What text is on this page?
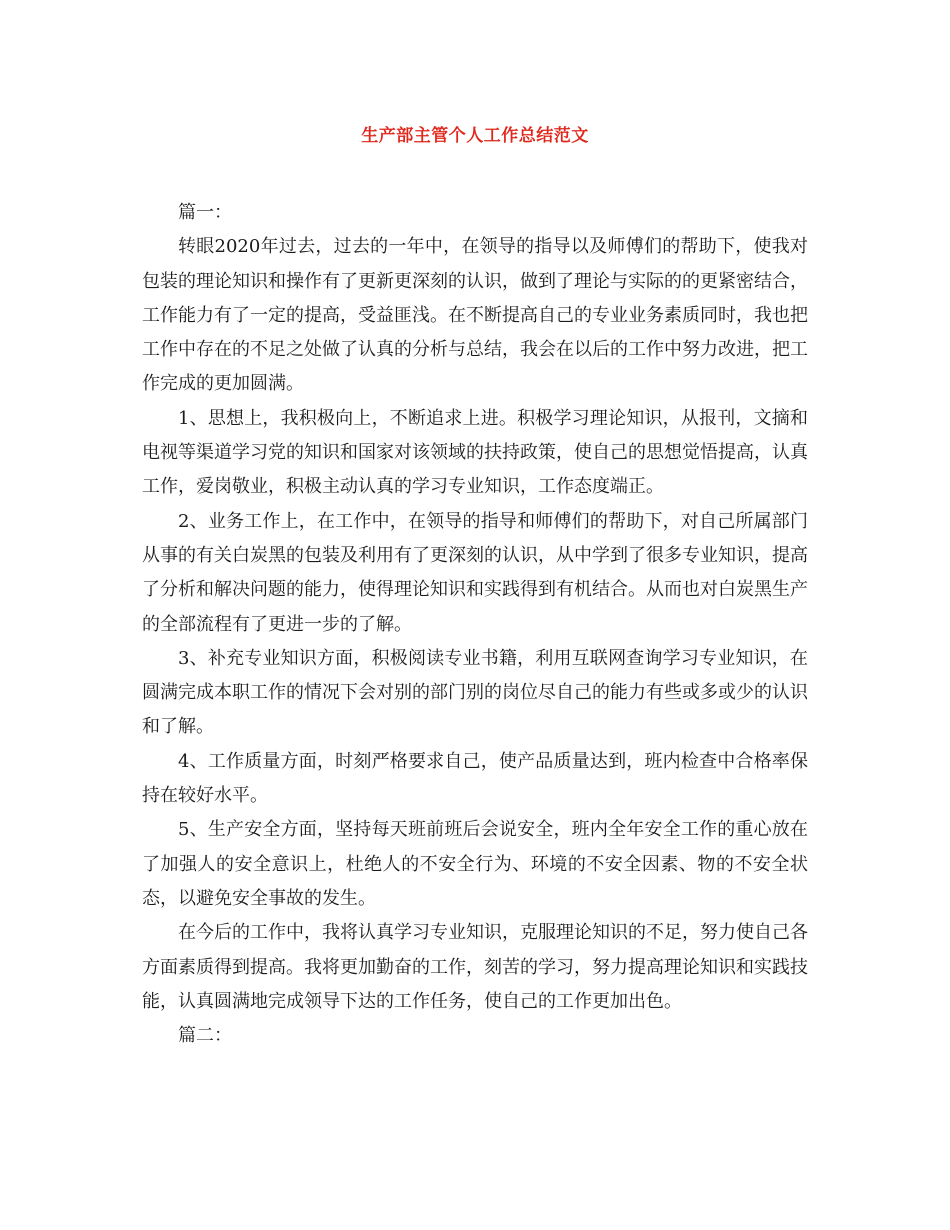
生产部主管个人工作总结范文

篇一：

转眼2020年过去，过去的一年中，在领导的指导以及师傅们的帮助下，使我对包装的理论知识和操作有了更新更深刻的认识，做到了理论与实际的的更紧密结合，工作能力有了一定的提高，受益匪浅。在不断提高自己的专业业务素质同时，我也把工作中存在的不足之处做了认真的分析与总结，我会在以后的工作中努力改进，把工作完成的更加圆满。

1、思想上，我积极向上，不断追求上进。积极学习理论知识，从报刊，文摘和电视等渠道学习党的知识和国家对该领域的扶持政策，使自己的思想觉悟提高，认真工作，爱岗敬业，积极主动认真的学习专业知识，工作态度端正。

2、业务工作上，在工作中，在领导的指导和师傅们的帮助下，对自己所属部门从事的有关白炭黑的包装及利用有了更深刻的认识，从中学到了很多专业知识，提高了分析和解决问题的能力，使得理论知识和实践得到有机结合。从而也对白炭黑生产的全部流程有了更进一步的了解。

3、补充专业知识方面，积极阅读专业书籍，利用互联网查询学习专业知识，在圆满完成本职工作的情况下会对别的部门别的岗位尽自己的能力有些或多或少的认识和了解。

4、工作质量方面，时刻严格要求自己，使产品质量达到，班内检查中合格率保持在较好水平。

5、生产安全方面，坚持每天班前班后会说安全，班内全年安全工作的重心放在了加强人的安全意识上，杜绝人的不安全行为、环境的不安全因素、物的不安全状态，以避免安全事故的发生。

在今后的工作中，我将认真学习专业知识，克服理论知识的不足，努力使自己各方面素质得到提高。我将更加勤奋的工作，刻苦的学习，努力提高理论知识和实践技能，认真圆满地完成领导下达的工作任务，使自己的工作更加出色。

篇二：
